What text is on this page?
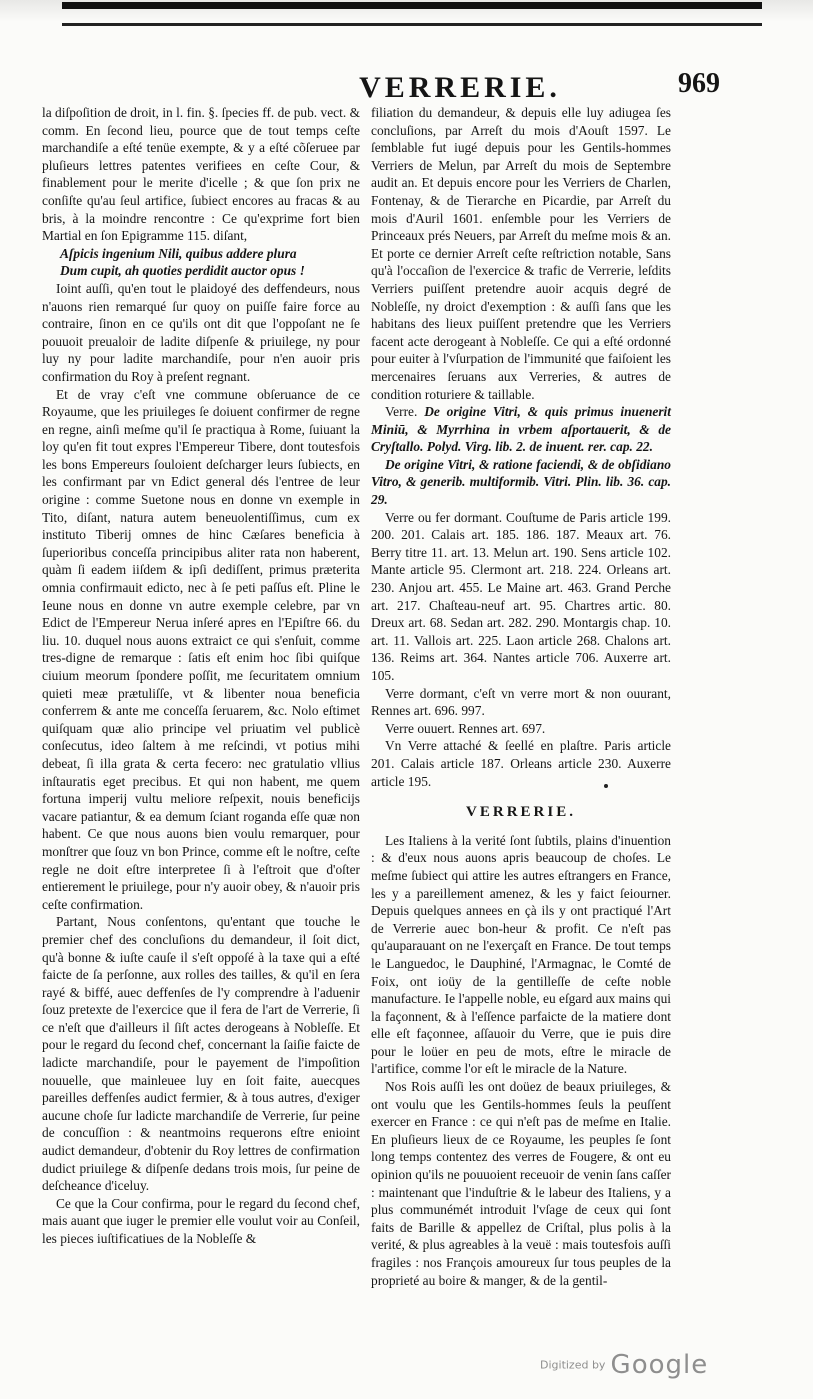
VERRERIE.	969

la diſpoſition de droit, in l. fin. §. ſpecies ff. de pub. vect. & comm. En ſecond lieu, pource que de tout temps ceſte marchandiſe a eſté tenüe exempte, & y a eſté cõſeruee par pluſieurs lettres patentes verifiees en ceſte Cour, & finablement pour le merite d'icelle ; & que ſon prix ne conſiſte qu'au ſeul artifice, ſubiect encores au fracas & au bris, à la moindre rencontre : Ce qu'exprime fort bien Martial en ſon Epigramme 115. diſant,

Aſpicis ingenium Nili, quibus addere plura

Dum cupit, ah quoties perdidit auctor opus !

Ioint auſſi, qu'en tout le plaidoyé des deffendeurs, nous n'auons rien remarqué ſur quoy on puiſſe faire force au contraire, ſinon en ce qu'ils ont dit que l'oppoſant ne ſe pouuoit preualoir de ladite diſpenſe & priuilege, ny pour luy ny pour ladite marchandiſe, pour n'en auoir pris confirmation du Roy à preſent regnant.

Et de vray c'eſt vne commune obſeruance de ce Royaume, que les priuileges ſe doiuent confirmer de regne en regne, ainſi meſme qu'il ſe practiqua à Rome, ſuiuant la loy qu'en fit tout expres l'Empereur Tibere, dont toutesfois les bons Empereurs ſouloient deſcharger leurs ſubiects, en les confirmant par vn Edict general dés l'entree de leur origine : comme Suetone nous en donne vn exemple in Tito, diſant, natura autem beneuolentiſſimus, cum ex instituto Tiberij omnes de hinc Cæſares beneficia à ſuperioribus conceſſa principibus aliter rata non haberent, quàm ſi eadem iiſdem & ipſi dediſſent, primus præterita omnia confirmauit edicto, nec à ſe peti paſſus eſt. Pline le Ieune nous en donne vn autre exemple celebre, par vn Edict de l'Empereur Nerua inſeré apres en l'Epiſtre 66. du liu. 10. duquel nous auons extraict ce qui s'enſuit, comme tres-digne de remarque : ſatis eſt enim hoc ſibi quiſque ciuium meorum ſpondere poſſit, me ſecuritatem omnium quieti meæ prætuliſſe, vt & libenter noua beneficia conferrem & ante me conceſſa ſeruarem, &c. Nolo eſtimet quiſquam quæ alio principe vel priuatim vel publicè conſecutus, ideo ſaltem à me reſcindi, vt potius mihi debeat, ſi illa grata & certa fecero: nec gratulatio vllius inſtauratis eget precibus. Et qui non habent, me quem fortuna imperij vultu meliore reſpexit, nouis beneficijs vacare patiantur, & ea demum ſciant roganda eſſe quæ non habent. Ce que nous auons bien voulu remarquer, pour monſtrer que ſouz vn bon Prince, comme eſt le noſtre, ceſte regle ne doit eſtre interpretee ſi à l'eſtroit que d'oſter entierement le priuilege, pour n'y auoir obey, & n'auoir pris ceſte confirmation.

Partant, Nous conſentons, qu'entant que touche le premier chef des concluſions du demandeur, il ſoit dict, qu'à bonne & iuſte cauſe il s'eſt oppoſé à la taxe qui a eſté faicte de ſa perſonne, aux rolles des tailles, & qu'il en ſera rayé & biffé, auec deffenſes de l'y comprendre à l'aduenir ſouz pretexte de l'exercice que il fera de l'art de Verrerie, ſi ce n'eſt que d'ailleurs il ſiſt actes derogeans à Nobleſſe. Et pour le regard du ſecond chef, concernant la ſaiſie faicte de ladicte marchandiſe, pour le payement de l'impoſition nouuelle, que mainleuee luy en ſoit faite, auecques pareilles deffenſes audict fermier, & à tous autres, d'exiger aucune choſe ſur ladicte marchandiſe de Verrerie, ſur peine de concuſſion : & neantmoins requerons eſtre enioint audict demandeur, d'obtenir du Roy lettres de confirmation dudict priuilege & diſpenſe dedans trois mois, ſur peine de deſcheance d'iceluy.

Ce que la Cour confirma, pour le regard du ſecond chef, mais auant que iuger le premier elle voulut voir au Conſeil, les pieces iuſtificatiues de la Nobleſſe &

filiation du demandeur, & depuis elle luy adiugea ſes concluſions, par Arreſt du mois d'Aouſt 1597. Le ſemblable fut iugé depuis pour les Gentils-hommes Verriers de Melun, par Arreſt du mois de Septembre audit an. Et depuis encore pour les Verriers de Charlen, Fontenay, & de Tierarche en Picardie, par Arreſt du mois d'Auril 1601. enſemble pour les Verriers de Princeaux prés Neuers, par Arreſt du meſme mois & an. Et porte ce dernier Arreſt ceſte reſtriction notable, Sans qu'à l'occaſion de l'exercice & trafic de Verrerie, leſdits Verriers puiſſent pretendre auoir acquis degré de Nobleſſe, ny droict d'exemption : & auſſi ſans que les habitans des lieux puiſſent pretendre que les Verriers facent acte derogeant à Nobleſſe. Ce qui a eſté ordonné pour euiter à l'vſurpation de l'immunité que faiſoient les mercenaires ſeruans aux Verreries, & autres de condition roturiere & taillable.

Verre. De origine Vitri, & quis primus inuenerit Miniū, & Myrrhina in vrbem aſportauerit, & de Cryſtallo. Polyd. Virg. lib. 2. de inuent. rer. cap. 22.

De origine Vitri, & ratione faciendi, & de obſidiano Vitro, & generib. multiformib. Vitri. Plin. lib. 36. cap. 29.

Verre ou fer dormant. Couſtume de Paris article 199. 200. 201. Calais art. 185. 186. 187. Meaux art. 76. Berry titre 11. art. 13. Melun art. 190. Sens article 102. Mante article 95. Clermont art. 218. 224. Orleans art. 230. Anjou art. 455. Le Maine art. 463. Grand Perche art. 217. Chaſteau-neuf art. 95. Chartres artic. 80. Dreux art. 68. Sedan art. 282. 290. Montargis chap. 10. art. 11. Vallois art. 225. Laon article 268. Chalons art. 136. Reims art. 364. Nantes article 706. Auxerre art. 105.

Verre dormant, c'eſt vn verre mort & non ouurant, Rennes art. 696. 997.

Verre ouuert. Rennes art. 697.

Vn Verre attaché & ſeellé en plaſtre. Paris article 201. Calais article 187. Orleans article 230. Auxerre article 195.

VERRERIE.

Les Italiens à la verité ſont ſubtils, plains d'inuention : & d'eux nous auons apris beaucoup de choſes. Le meſme ſubiect qui attire les autres eſtrangers en France, les y a pareillement amenez, & les y faict ſeiourner. Depuis quelques annees en çà ils y ont practiqué l'Art de Verrerie auec bon-heur & profit. Ce n'eſt pas qu'auparauant on ne l'exerçaſt en France. De tout temps le Languedoc, le Dauphiné, l'Armagnac, le Comté de Foix, ont ioüy de la gentilleſſe de ceſte noble manufacture. Ie l'appelle noble, eu eſgard aux mains qui la façonnent, & à l'eſſence parfaicte de la matiere dont elle eſt façonnee, aſſauoir du Verre, que ie puis dire pour le loüer en peu de mots, eſtre le miracle de l'artifice, comme l'or eſt le miracle de la Nature.

Nos Rois auſſi les ont doüez de beaux priuileges, & ont voulu que les Gentils-hommes ſeuls la peuſſent exercer en France : ce qui n'eſt pas de meſme en Italie. En pluſieurs lieux de ce Royaume, les peuples ſe ſont long temps contentez des verres de Fougere, & ont eu opinion qu'ils ne pouuoient receuoir de venin ſans caſſer : maintenant que l'induſtrie & le labeur des Italiens, y a plus communémét introduit l'vſage de ceux qui ſont faits de Barille & appellez de Criſtal, plus polis à la verité, & plus agreables à la veuë : mais toutesfois auſſi fragiles : nos François amoureux ſur tous peuples de la proprieté au boire & manger, & de la gentil-

Digitized by Google
